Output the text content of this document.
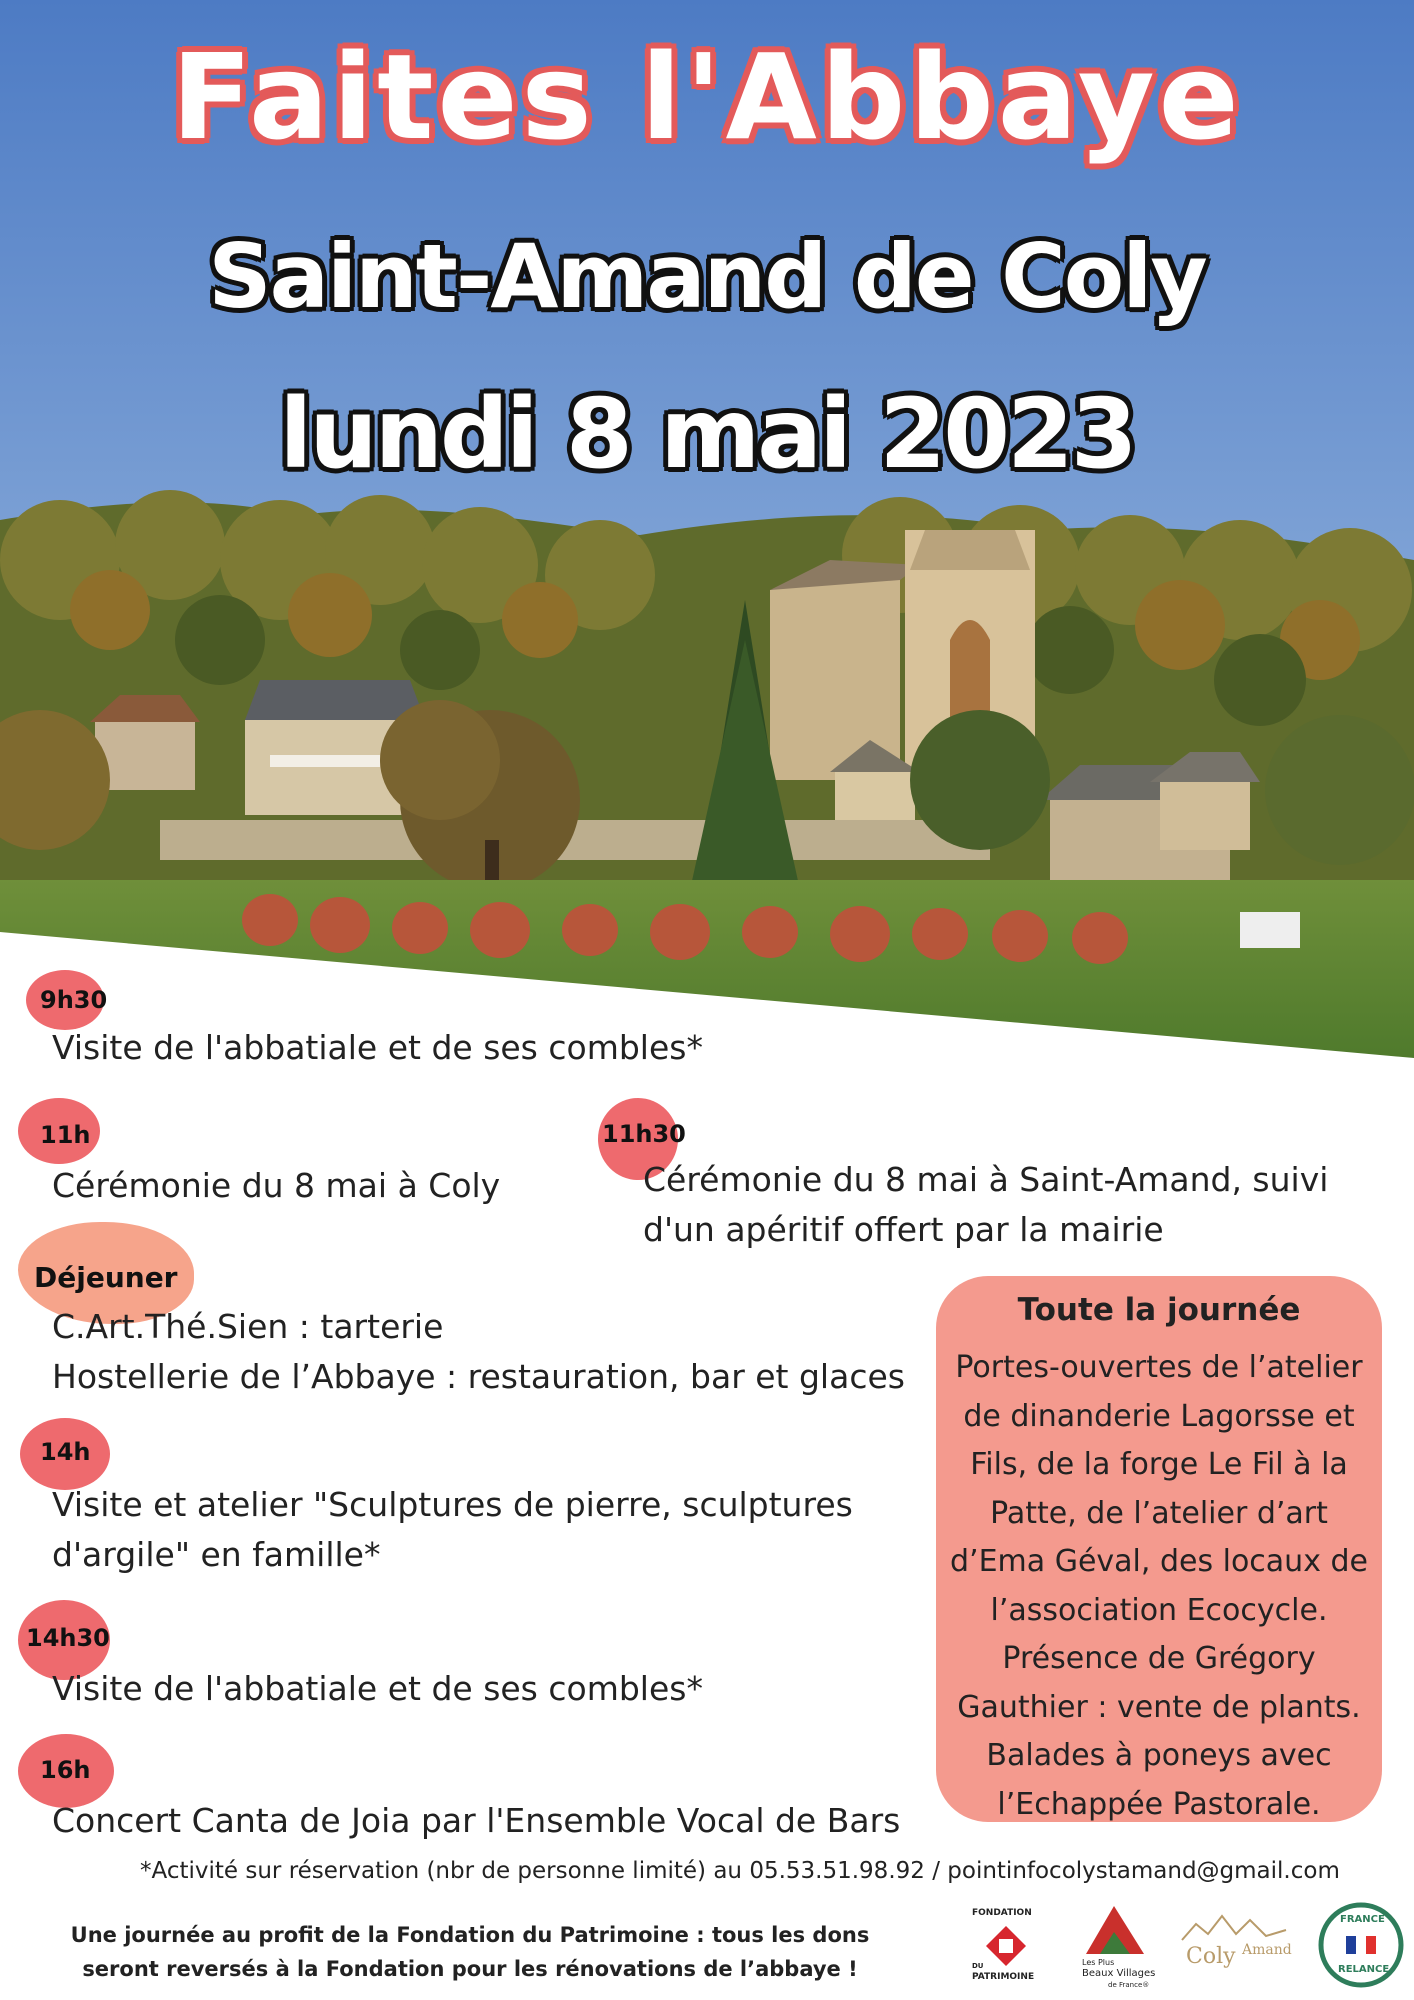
Faites l'Abbaye
Saint-Amand de Coly
lundi 8 mai 2023
9h30
Visite de l'abbatiale et de ses combles*
11h
Cérémonie du 8 mai à Coly
11h30
Cérémonie du 8 mai à Saint-Amand, suivi
d'un apéritif offert par la mairie
Déjeuner
C.Art.Thé.Sien : tarterie
Hostellerie de l’Abbaye : restauration, bar et glaces
14h
Visite et atelier "Sculptures de pierre, sculptures
d'argile" en famille*
14h30
Visite de l'abbatiale et de ses combles*
16h
Concert Canta de Joia par l'Ensemble Vocal de Bars
Toute la journée
Portes-ouvertes de l’atelier
de dinanderie Lagorsse et
Fils, de la forge Le Fil à la
Patte, de l’atelier d’art
d’Ema Géval, des locaux de
l’association Ecocycle.
Présence de Grégory
Gauthier : vente de plants.
Balades à poneys avec
l’Echappée Pastorale.
*Activité sur réservation (nbr de personne limité) au 05.53.51.98.92 / pointinfocolystamand@gmail.com
Une journée au profit de la Fondation du Patrimoine : tous les dons
seront reversés à la Fondation pour les rénovations de l’abbaye !
FONDATION
DU
PATRIMOINE
Les Plus
Beaux Villages
de France®
Coly Amand
FRANCE
RELANCE
